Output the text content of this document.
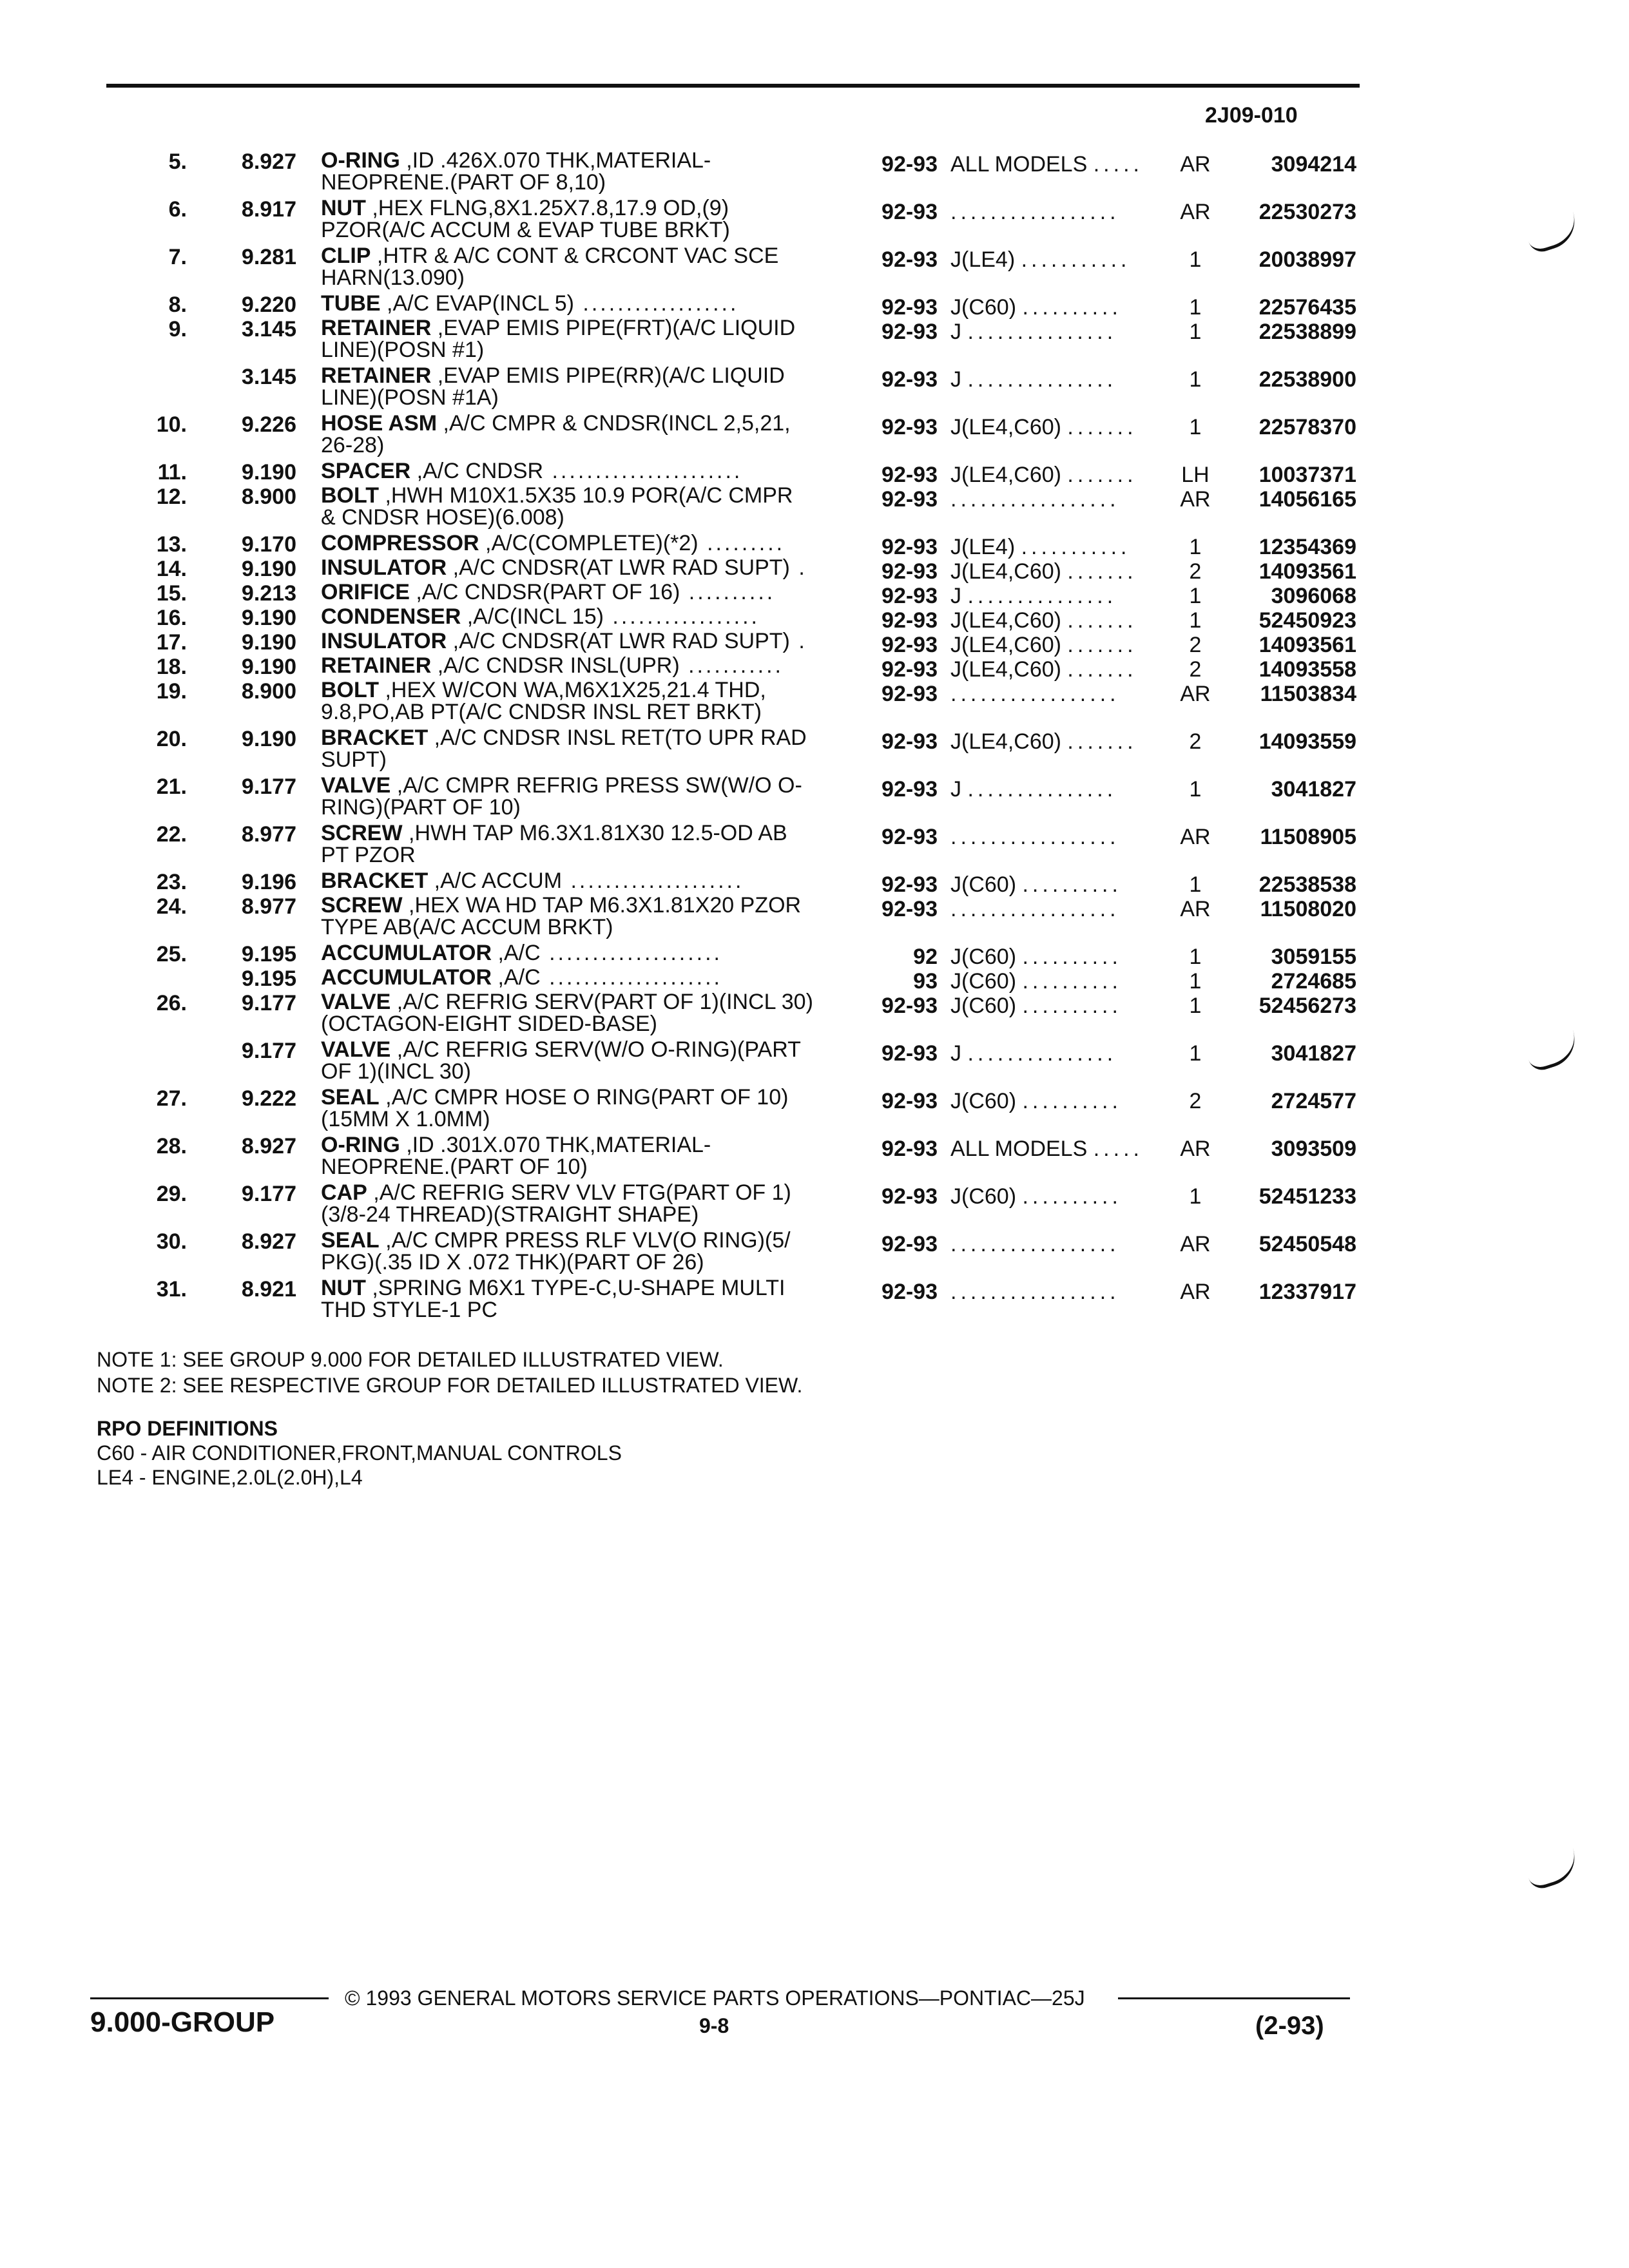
2J09-010
5.	8.927 O-RING ,ID .426X.070 THK,MATERIAL-
NEOPRENE.(PART OF 8,10)
92-93 ALL MODELS .....	AR	3094214
6.	8.917 NUT ,HEX FLNG,8X1.25X7.8,17.9 OD,(9)
PZOR(A/C ACCUM & EVAP TUBE BRKT)
92-93 .................	AR	22530273
7.	9.281 CLIP ,HTR & A/C CONT & CRCONT VAC SCE
HARN(13.090)
92-93 J(LE4) ...........	1	20038997
8.	9.220 TUBE ,A/C EVAP(INCL 5) ..................	92-93 J(C60) ..........	1	22576435
9.	3.145 RETAINER ,EVAP EMIS PIPE(FRT)(A/C LIQUID
LINE)(POSN #1)
92-93 J ...............	1	22538899
3.145 RETAINER ,EVAP EMIS PIPE(RR)(A/C LIQUID
LINE)(POSN #1A)
92-93 J ...............	1	22538900
10.	9.226 HOSE ASM ,A/C CMPR & CNDSR(INCL 2,5,21,
26-28)
92-93 J(LE4,C60) .......	1	22578370
11.	9.190 SPACER ,A/C CNDSR ......................	92-93 J(LE4,C60) .......	LH	10037371
12.	8.900 BOLT ,HWH M10X1.5X35 10.9 POR(A/C CMPR
& CNDSR HOSE)(6.008)
92-93 .................	AR	14056165
13.	9.170 COMPRESSOR ,A/C(COMPLETE)(*2) .........	92-93 J(LE4) ...........	1	12354369
14.	9.190 INSULATOR ,A/C CNDSR(AT LWR RAD SUPT) .	92-93 J(LE4,C60) .......	2	14093561
15.	9.213 ORIFICE ,A/C CNDSR(PART OF 16) ..........	92-93 J ...............	1	3096068
16.	9.190 CONDENSER ,A/C(INCL 15) .................	92-93 J(LE4,C60) .......	1	52450923
17.	9.190 INSULATOR ,A/C CNDSR(AT LWR RAD SUPT) .	92-93 J(LE4,C60) .......	2	14093561
18.	9.190 RETAINER ,A/C CNDSR INSL(UPR) ...........	92-93 J(LE4,C60) .......	2	14093558
19.	8.900 BOLT ,HEX W/CON WA,M6X1X25,21.4 THD,
9.8,PO,AB PT(A/C CNDSR INSL RET BRKT)
92-93 .................	AR	11503834
20.	9.190 BRACKET ,A/C CNDSR INSL RET(TO UPR RAD
SUPT)
92-93 J(LE4,C60) .......	2	14093559
21.	9.177 VALVE ,A/C CMPR REFRIG PRESS SW(W/O O-
RING)(PART OF 10)
92-93 J ...............	1	3041827
22.	8.977 SCREW ,HWH TAP M6.3X1.81X30 12.5-OD AB
PT PZOR
92-93 .................	AR	11508905
23.	9.196 BRACKET ,A/C ACCUM ....................	92-93 J(C60) ..........	1	22538538
24.	8.977 SCREW ,HEX WA HD TAP M6.3X1.81X20 PZOR
TYPE AB(A/C ACCUM BRKT)
92-93 .................	AR	11508020
25.	9.195 ACCUMULATOR ,A/C ....................	92 J(C60) ..........	1	3059155
9.195 ACCUMULATOR ,A/C ....................	93 J(C60) ..........	1	2724685
26.	9.177 VALVE ,A/C REFRIG SERV(PART OF 1)(INCL 30)
(OCTAGON-EIGHT SIDED-BASE)
92-93 J(C60) ..........	1	52456273
9.177 VALVE ,A/C REFRIG SERV(W/O O-RING)(PART
OF 1)(INCL 30)
92-93 J ...............	1	3041827
27.	9.222 SEAL ,A/C CMPR HOSE O RING(PART OF 10)
(15MM X 1.0MM)
92-93 J(C60) ..........	2	2724577
28.	8.927 O-RING ,ID .301X.070 THK,MATERIAL-
NEOPRENE.(PART OF 10)
92-93 ALL MODELS .....	AR	3093509
29.	9.177 CAP ,A/C REFRIG SERV VLV FTG(PART OF 1)
(3/8-24 THREAD)(STRAIGHT SHAPE)
92-93 J(C60) ..........	1	52451233
30.	8.927 SEAL ,A/C CMPR PRESS RLF VLV(O RING)(5/
PKG)(.35 ID X .072 THK)(PART OF 26)
92-93 .................	AR	52450548
31.	8.921 NUT ,SPRING M6X1 TYPE-C,U-SHAPE MULTI
THD STYLE-1 PC
92-93 .................	AR	12337917
NOTE 1: SEE GROUP 9.000 FOR DETAILED ILLUSTRATED VIEW.
NOTE 2: SEE RESPECTIVE GROUP FOR DETAILED ILLUSTRATED VIEW.
RPO DEFINITIONS
C60 - AIR CONDITIONER,FRONT,MANUAL CONTROLS
LE4 - ENGINE,2.0L(2.0H),L4
© 1993 GENERAL MOTORS SERVICE PARTS OPERATIONS—PONTIAC—25J
9.000-GROUP	9-8	(2-93)
